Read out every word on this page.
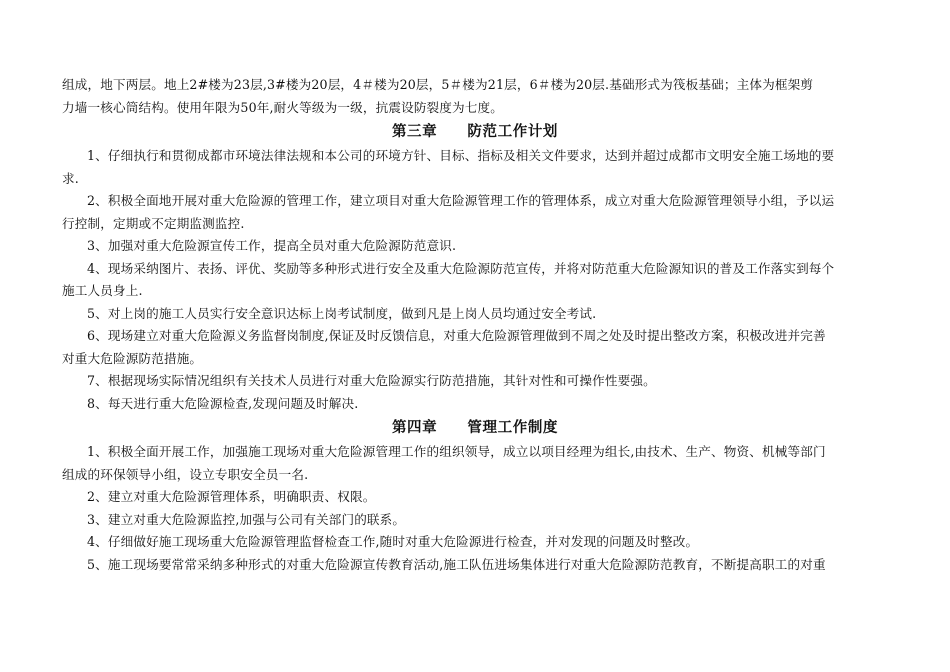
组成，地下两层。地上2#楼为23层,3#楼为20层，4＃楼为20层，5＃楼为21层，6＃楼为20层.基础形式为筏板基础；主体为框架剪
力墙一核心筒结构。使用年限为50年,耐火等级为一级，抗震设防裂度为七度。
第三章　　防范工作计划
1、仔细执行和贯彻成都市环境法律法规和本公司的环境方针、目标、指标及相关文件要求，达到并超过成都市文明安全施工场地的要
求.
2、积极全面地开展对重大危险源的管理工作，建立项目对重大危险源管理工作的管理体系，成立对重大危险源管理领导小组，予以运
行控制，定期或不定期监测监控.
3、加强对重大危险源宣传工作，提高全员对重大危险源防范意识.
4、现场采纳图片、表扬、评优、奖励等多种形式进行安全及重大危险源防范宣传，并将对防范重大危险源知识的普及工作落实到每个
施工人员身上.
5、对上岗的施工人员实行安全意识达标上岗考试制度，做到凡是上岗人员均通过安全考试.
6、现场建立对重大危险源义务监督岗制度,保证及时反馈信息，对重大危险源管理做到不周之处及时提出整改方案，积极改进并完善
对重大危险源防范措施。
7、根据现场实际情况组织有关技术人员进行对重大危险源实行防范措施，其针对性和可操作性要强。
8、每天进行重大危险源检查,发现问题及时解决.
第四章　　管理工作制度
1、积极全面开展工作，加强施工现场对重大危险源管理工作的组织领导，成立以项目经理为组长,由技术、生产、物资、机械等部门
组成的环保领导小组，设立专职安全员一名.
2、建立对重大危险源管理体系，明确职责、权限。
3、建立对重大危险源监控,加强与公司有关部门的联系。
4、仔细做好施工现场重大危险源管理监督检查工作,随时对重大危险源进行检查，并对发现的问题及时整改。
5、施工现场要常常采纳多种形式的对重大危险源宣传教育活动,施工队伍进场集体进行对重大危险源防范教育，不断提高职工的对重
